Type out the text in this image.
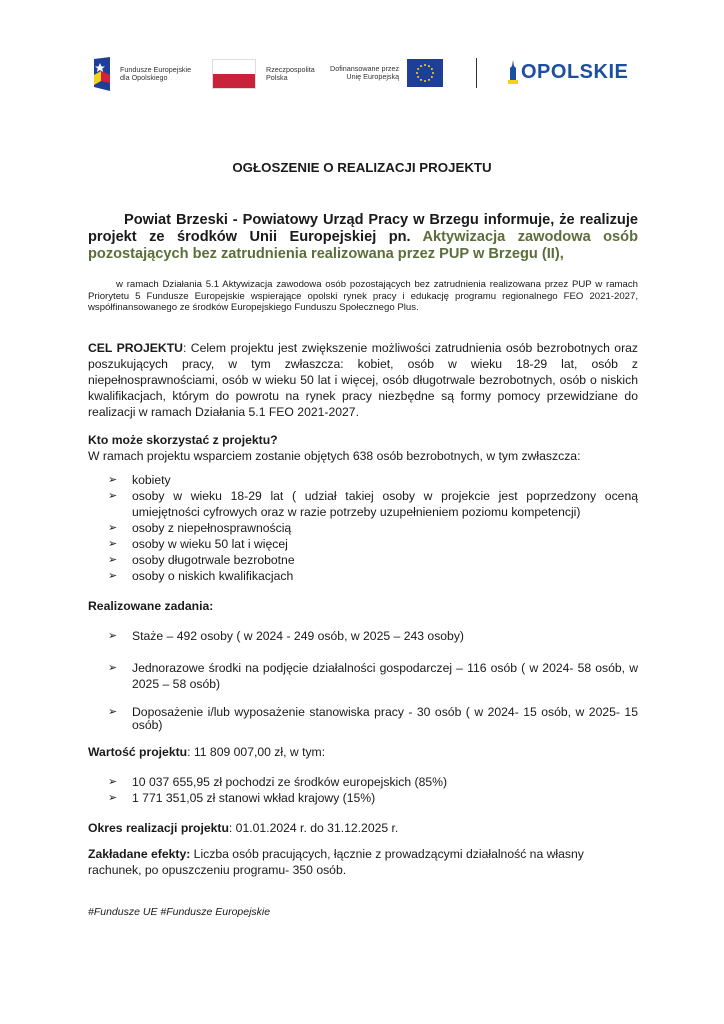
Fundusze Europejskie
dla Opolskiego
Rzeczpospolita
Polska
Dofinansowane przez
Unię Europejską	OPOLSKIE
OGŁOSZENIE O REALIZACJI PROJEKTU
Powiat Brzeski - Powiatowy Urząd Pracy w Brzegu informuje, że realizuje projekt ze środków Unii Europejskiej pn. Aktywizacja zawodowa osób pozostających bez zatrudnienia realizowana przez PUP w Brzegu (II),
w ramach Działania 5.1 Aktywizacja zawodowa osób pozostających bez zatrudnienia realizowana przez PUP w ramach Priorytetu 5 Fundusze Europejskie wspierające opolski rynek pracy i edukację programu regionalnego FEO 2021-2027, współfinansowanego ze środków Europejskiego Funduszu Społecznego Plus.
CEL PROJEKTU: Celem projektu jest zwiększenie możliwości zatrudnienia osób bezrobotnych oraz poszukujących pracy, w tym zwłaszcza: kobiet, osób w wieku 18-29 lat, osób z niepełnosprawnościami, osób w wieku 50 lat i więcej, osób długotrwale bezrobotnych, osób o niskich kwalifikacjach, którym do powrotu na rynek pracy niezbędne są formy pomocy przewidziane do realizacji w ramach Działania 5.1 FEO 2021-2027.
Kto może skorzystać z projektu?
W ramach projektu wsparciem zostanie objętych 638 osób bezrobotnych, w tym zwłaszcza:
➢ kobiety
➢ osoby w wieku 18-29 lat ( udział takiej osoby w projekcie jest poprzedzony oceną umiejętności cyfrowych oraz w razie potrzeby uzupełnieniem poziomu kompetencji)
➢ osoby z niepełnosprawnością
➢ osoby w wieku 50 lat i więcej
➢ osoby długotrwale bezrobotne
➢ osoby o niskich kwalifikacjach
Realizowane zadania:
➢ Staże – 492 osoby ( w 2024 - 249 osób, w 2025 – 243 osoby)
➢ Jednorazowe środki na podjęcie działalności gospodarczej – 116 osób ( w 2024- 58 osób, w 2025 – 58 osób)
➢ Doposażenie i/lub wyposażenie stanowiska pracy - 30 osób ( w 2024- 15 osób, w 2025- 15 osób)
Wartość projektu: 11 809 007,00 zł, w tym:
➢ 10 037 655,95 zł pochodzi ze środków europejskich (85%)
➢ 1 771 351,05 zł stanowi wkład krajowy (15%)
Okres realizacji projektu: 01.01.2024 r. do 31.12.2025 r.
Zakładane efekty: Liczba osób pracujących, łącznie z prowadzącymi działalność na własny rachunek, po opuszczeniu programu- 350 osób.
#Fundusze UE #Fundusze Europejskie
